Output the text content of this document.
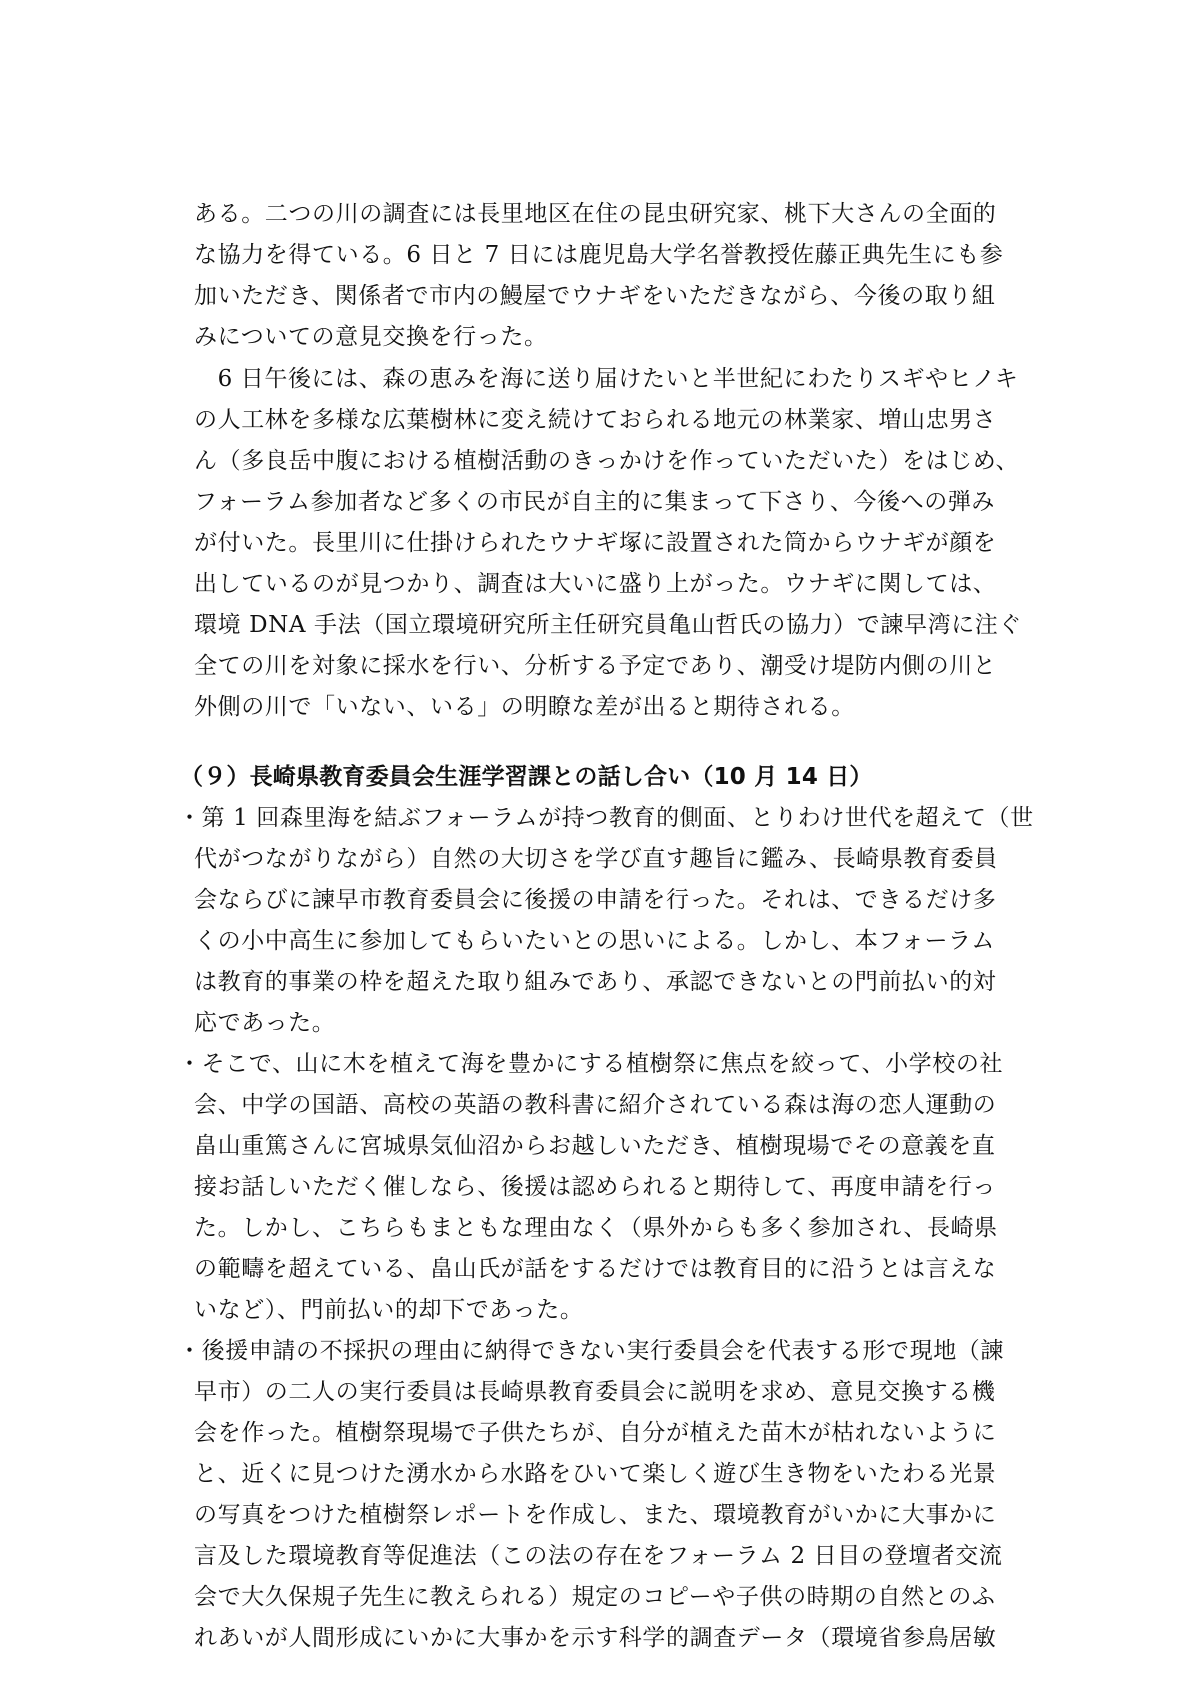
ある。二つの川の調査には長里地区在住の昆虫研究家、桃下大さんの全面的
な協力を得ている。6 日と 7 日には鹿児島大学名誉教授佐藤正典先生にも参
加いただき、関係者で市内の鰻屋でウナギをいただきながら、今後の取り組
みについての意見交換を行った。
　6 日午後には、森の恵みを海に送り届けたいと半世紀にわたりスギやヒノキ
の人工林を多様な広葉樹林に変え続けておられる地元の林業家、増山忠男さ
ん（多良岳中腹における植樹活動のきっかけを作っていただいた）をはじめ、
フォーラム参加者など多くの市民が自主的に集まって下さり、今後への弾み
が付いた。長里川に仕掛けられたウナギ塚に設置された筒からウナギが顔を
出しているのが見つかり、調査は大いに盛り上がった。ウナギに関しては、
環境 DNA 手法（国立環境研究所主任研究員亀山哲氏の協力）で諫早湾に注ぐ
全ての川を対象に採水を行い、分析する予定であり、潮受け堤防内側の川と
外側の川で「いない、いる」の明瞭な差が出ると期待される。
（９）長崎県教育委員会生涯学習課との話し合い（10 月 14 日）
・第 1 回森里海を結ぶフォーラムが持つ教育的側面、とりわけ世代を超えて（世
代がつながりながら）自然の大切さを学び直す趣旨に鑑み、長崎県教育委員
会ならびに諫早市教育委員会に後援の申請を行った。それは、できるだけ多
くの小中高生に参加してもらいたいとの思いによる。しかし、本フォーラム
は教育的事業の枠を超えた取り組みであり、承認できないとの門前払い的対
応であった。
・そこで、山に木を植えて海を豊かにする植樹祭に焦点を絞って、小学校の社
会、中学の国語、高校の英語の教科書に紹介されている森は海の恋人運動の
畠山重篤さんに宮城県気仙沼からお越しいただき、植樹現場でその意義を直
接お話しいただく催しなら、後援は認められると期待して、再度申請を行っ
た。しかし、こちらもまともな理由なく（県外からも多く参加され、長崎県
の範疇を超えている、畠山氏が話をするだけでは教育目的に沿うとは言えな
いなど）、門前払い的却下であった。
・後援申請の不採択の理由に納得できない実行委員会を代表する形で現地（諫
早市）の二人の実行委員は長崎県教育委員会に説明を求め、意見交換する機
会を作った。植樹祭現場で子供たちが、自分が植えた苗木が枯れないように
と、近くに見つけた湧水から水路をひいて楽しく遊び生き物をいたわる光景
の写真をつけた植樹祭レポートを作成し、また、環境教育がいかに大事かに
言及した環境教育等促進法（この法の存在をフォーラム 2 日目の登壇者交流
会で大久保規子先生に教えられる）規定のコピーや子供の時期の自然とのふ
れあいが人間形成にいかに大事かを示す科学的調査データ（環境省参鳥居敏
